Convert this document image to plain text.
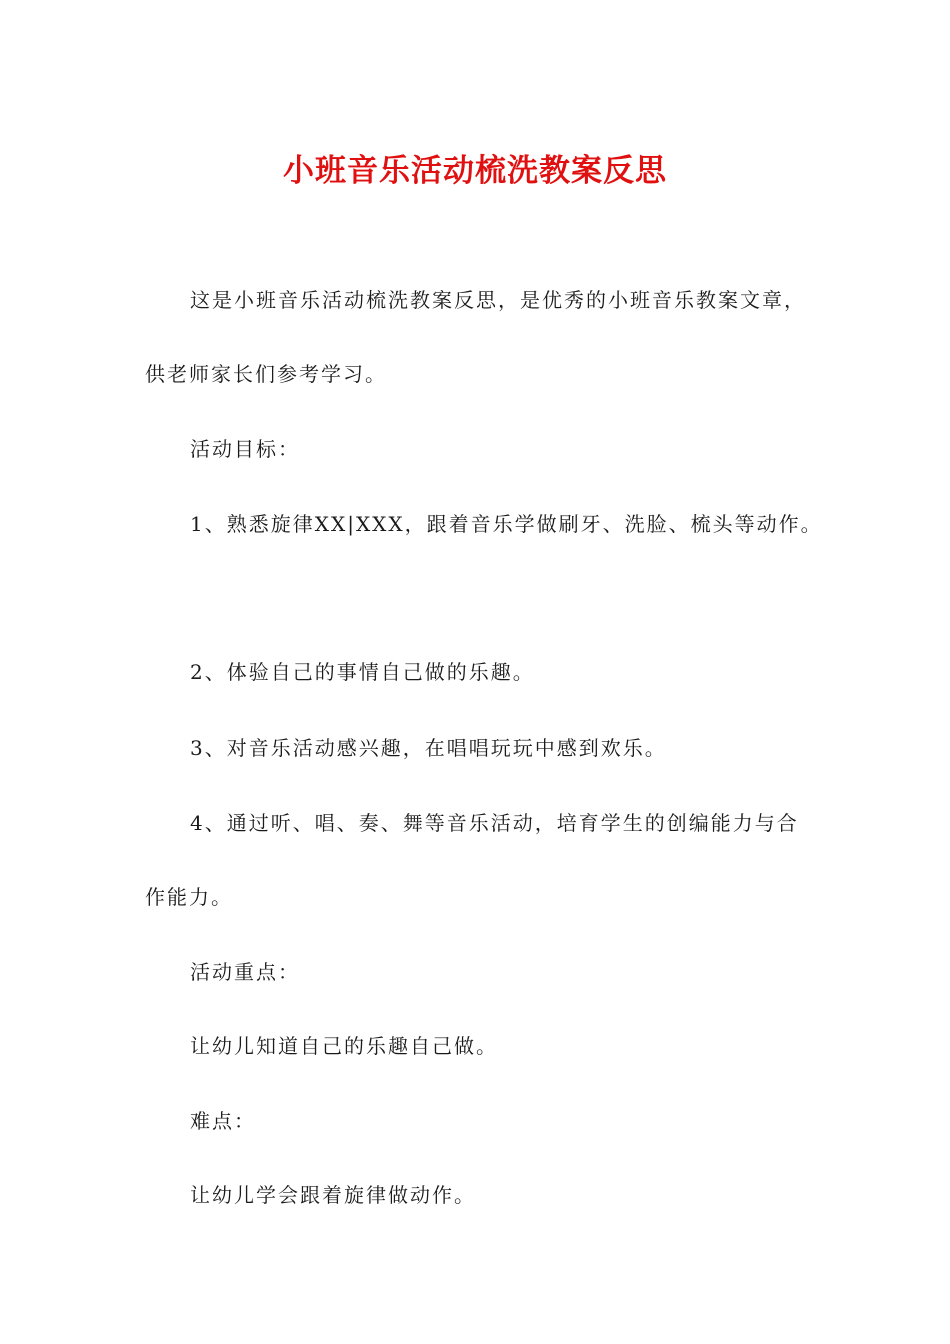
小班音乐活动梳洗教案反思
这是小班音乐活动梳洗教案反思，是优秀的小班音乐教案文章，
供老师家长们参考学习。
活动目标：
1、熟悉旋律XX|XXX，跟着音乐学做刷牙、洗脸、梳头等动作。
2、体验自己的事情自己做的乐趣。
3、对音乐活动感兴趣，在唱唱玩玩中感到欢乐。
4、通过听、唱、奏、舞等音乐活动，培育学生的创编能力与合
作能力。
活动重点：
让幼儿知道自己的乐趣自己做。
难点：
让幼儿学会跟着旋律做动作。
